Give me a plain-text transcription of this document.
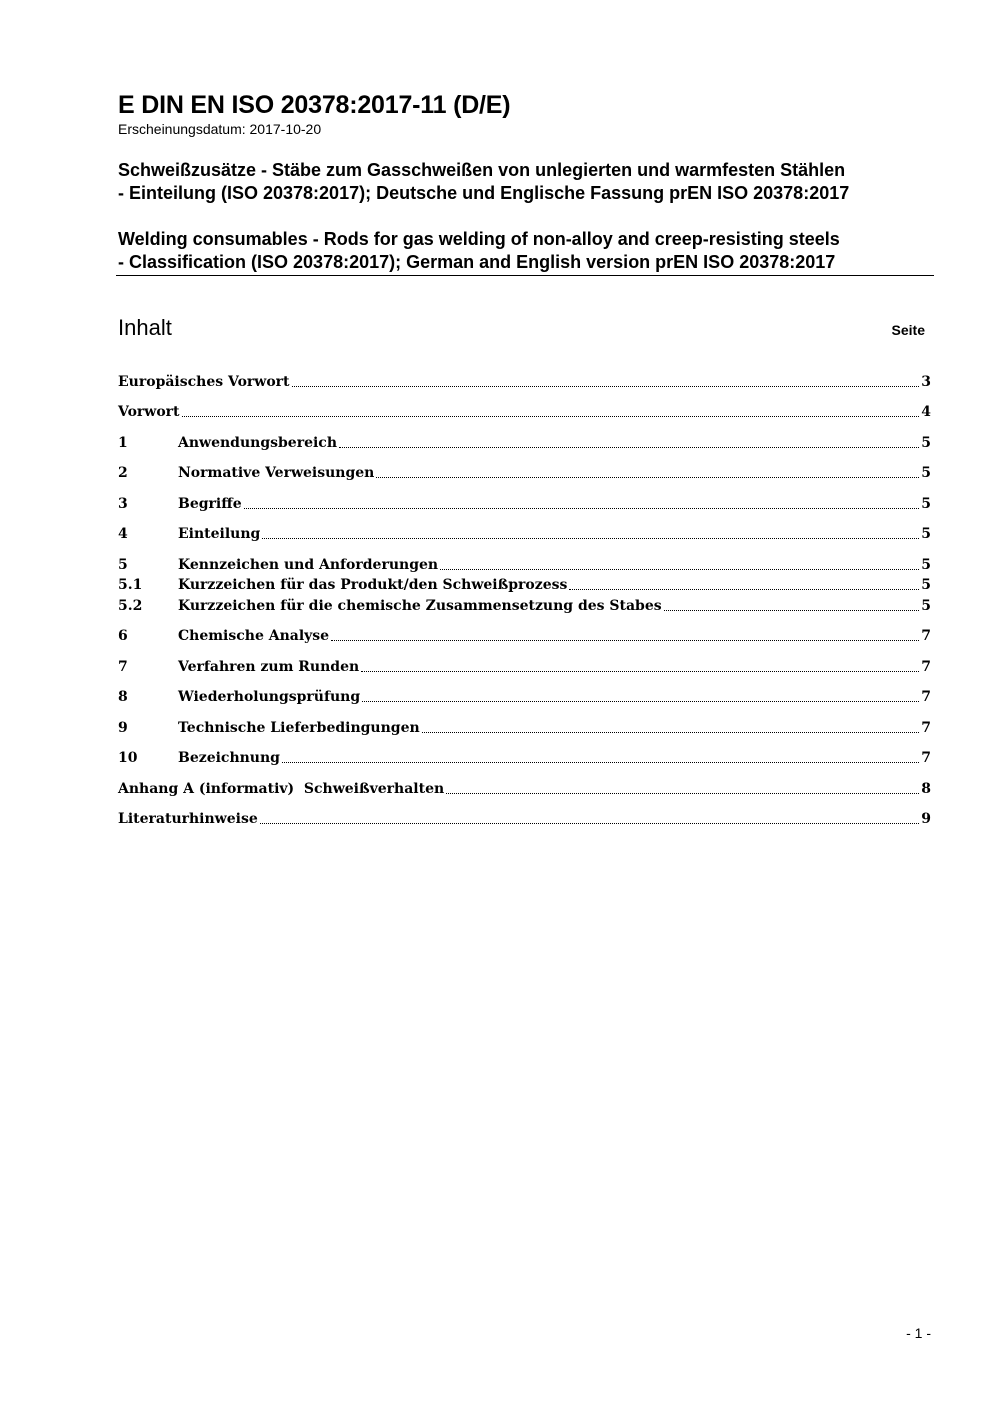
E DIN EN ISO 20378:2017-11 (D/E)
Erscheinungsdatum: 2017-10-20
Schweißzusätze - Stäbe zum Gasschweißen von unlegierten und warmfesten Stählen
- Einteilung (ISO 20378:2017); Deutsche und Englische Fassung prEN ISO 20378:2017
Welding consumables - Rods for gas welding of non-alloy and creep-resisting steels
- Classification (ISO 20378:2017); German and English version prEN ISO 20378:2017
Inhalt	Seite
Europäisches Vorwort	3
Vorwort	4
1	Anwendungsbereich	5
2	Normative Verweisungen	5
3	Begriffe	5
4	Einteilung	5
5	Kennzeichen und Anforderungen	5
5.1	Kurzzeichen für das Produkt/den Schweißprozess	5
5.2	Kurzzeichen für die chemische Zusammensetzung des Stabes	5
6	Chemische Analyse	7
7	Verfahren zum Runden	7
8	Wiederholungsprüfung	7
9	Technische Lieferbedingungen	7
10	Bezeichnung	7
Anhang A (informativ)  Schweißverhalten	8
Literaturhinweise	9
- 1 -
